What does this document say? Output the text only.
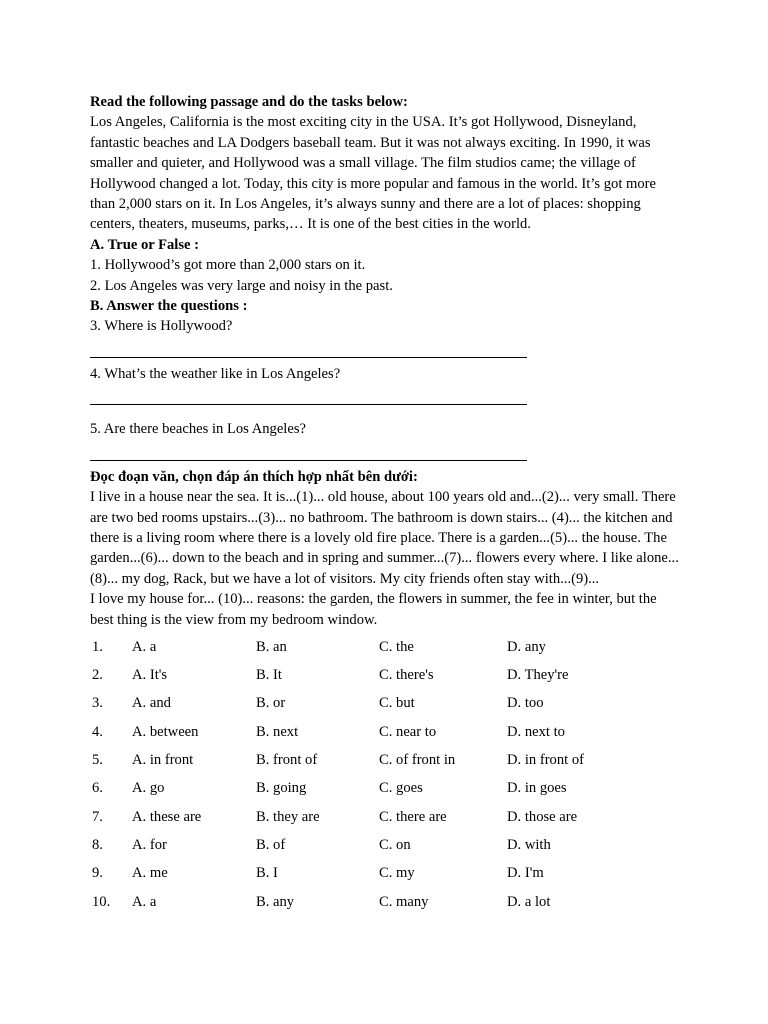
Read the following passage and do the tasks below:

Los Angeles, California is the most exciting city in the USA. It’s got Hollywood, Disneyland, fantastic beaches and LA Dodgers baseball team. But it was not always exciting. In 1990, it was smaller and quieter, and Hollywood was a small village. The film studios came; the village of Hollywood changed a lot. Today, this city is more popular and famous in the world. It’s got more than 2,000 stars on it. In Los Angeles, it’s always sunny and there are a lot of places: shopping centers, theaters, museums, parks,… It is one of the best cities in the world.

A. True or False :

1. Hollywood’s got more than 2,000 stars on it.

2. Los Angeles was very large and noisy in the past.

B. Answer the questions :

3. Where is Hollywood?

4. What’s the weather like in Los Angeles?

5. Are there beaches in Los Angeles?

Đọc đoạn văn, chọn đáp án thích hợp nhất bên dưới:

I live in a house near the sea. It is...(1)... old house, about 100 years old and...(2)... very small. There are two bed rooms upstairs...(3)... no bathroom. The bathroom is down stairs... (4)... the kitchen and there is a living room where there is a lovely old fire place. There is a garden...(5)... the house. The garden...(6)... down to the beach and in spring and summer...(7)... flowers every where. I like alone...(8)... my dog, Rack, but we have a lot of visitors. My city friends often stay with...(9)...

I love my house for... (10)... reasons: the garden, the flowers in summer, the fee in winter, but the best thing is the view from my bedroom window.

1.	A. a	B. an	C. the	D. any
2.	A. It's	B. It	C. there's	D. They're
3.	A. and	B. or	C. but	D. too
4.	A. between	B. next	C. near to	D. next to
5.	A. in front	B. front of	C. of front in	D. in front of
6.	A. go	B. going	C. goes	D. in goes
7.	A. these are	B. they are	C. there are	D. those are
8.	A. for	B. of	C. on	D. with
9.	A. me	B. I	C. my	D. I'm
10.	A. a	B. any	C. many	D. a lot
